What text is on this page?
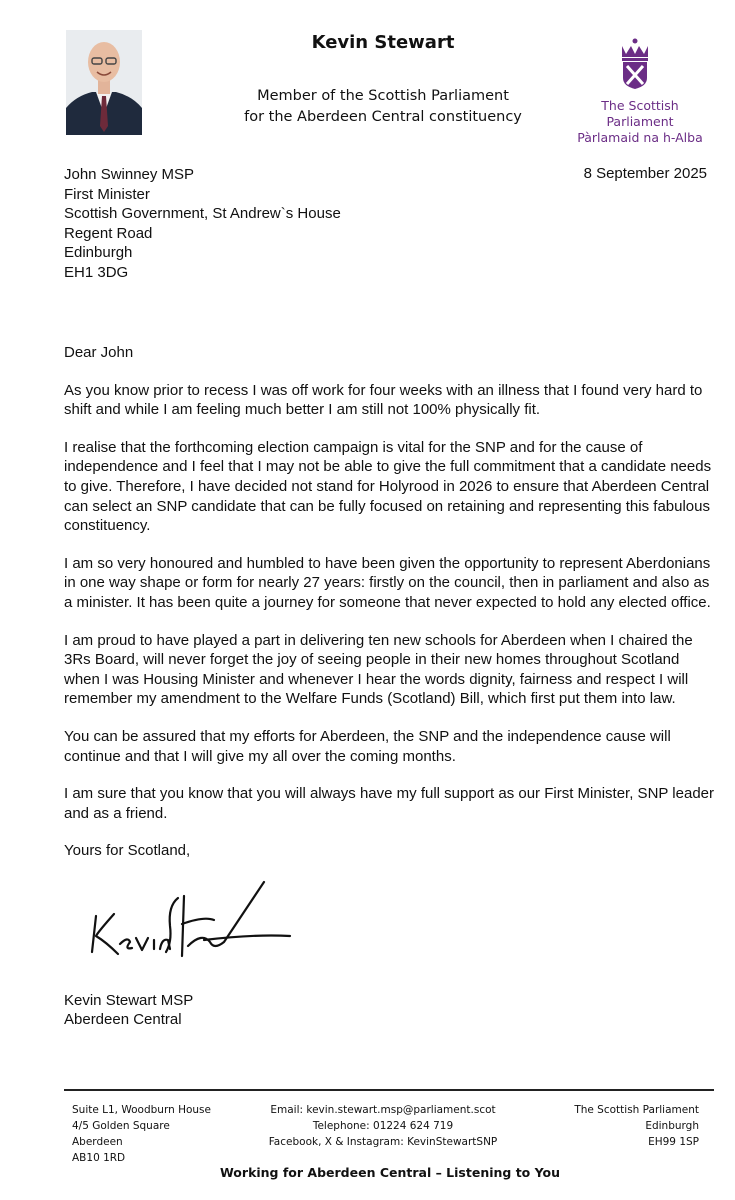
Kevin Stewart
Member of the Scottish Parliament
for the Aberdeen Central constituency
The Scottish Parliament
Pàrlamaid na h-Alba
John Swinney MSP
First Minister
Scottish Government, St Andrew`s House
Regent Road
Edinburgh
EH1 3DG
8 September 2025

Dear John

As you know prior to recess I was off work for four weeks with an illness that I found very hard to shift and while I am feeling much better I am still not 100% physically fit.

I realise that the forthcoming election campaign is vital for the SNP and for the cause of independence and I feel that I may not be able to give the full commitment that a candidate needs to give. Therefore, I have decided not stand for Holyrood in 2026 to ensure that Aberdeen Central can select an SNP candidate that can be fully focused on retaining and representing this fabulous constituency.

I am so very honoured and humbled to have been given the opportunity to represent Aberdonians in one way shape or form for nearly 27 years: firstly on the council, then in parliament and also as a minister. It has been quite a journey for someone that never expected to hold any elected office.

I am proud to have played a part in delivering ten new schools for Aberdeen when I chaired the 3Rs Board, will never forget the joy of seeing people in their new homes throughout Scotland when I was Housing Minister and whenever I hear the words dignity, fairness and respect I will remember my amendment to the Welfare Funds (Scotland) Bill, which first put them into law.

You can be assured that my efforts for Aberdeen, the SNP and the independence cause will continue and that I will give my all over the coming months.

I am sure that you know that you will always have my full support as our First Minister, SNP leader and as a friend.

Yours for Scotland,

Kevin Stewart MSP
Aberdeen Central
Suite L1, Woodburn House
4/5 Golden Square
Aberdeen
AB10 1RD
Email: kevin.stewart.msp@parliament.scot
Telephone: 01224 624 719
Facebook, X & Instagram: KevinStewartSNP
The Scottish Parliament
Edinburgh
EH99 1SP
Working for Aberdeen Central – Listening to You
